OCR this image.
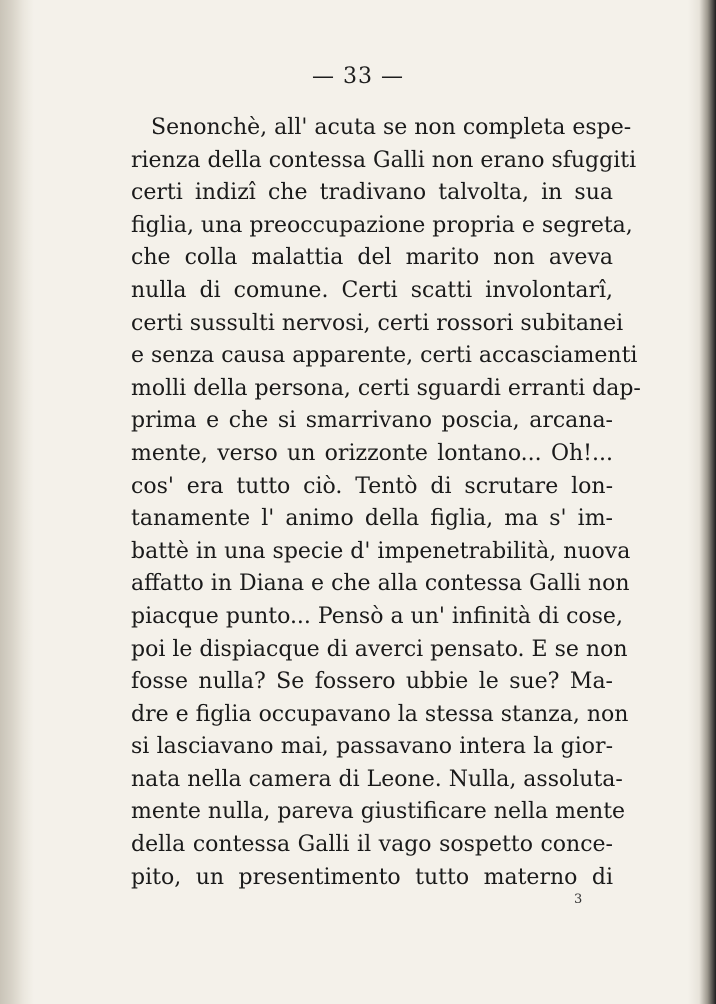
— 33 —
Senonchè, all' acuta se non completa espe-
rienza della contessa Galli non erano sfuggiti
certi indizî che tradivano talvolta, in sua
figlia, una preoccupazione propria e segreta,
che colla malattia del marito non aveva
nulla di comune. Certi scatti involontarî,
certi sussulti nervosi, certi rossori subitanei
e senza causa apparente, certi accasciamenti
molli della persona, certi sguardi erranti dap-
prima e che si smarrivano poscia, arcana-
mente, verso un orizzonte lontano... Oh!...
cos' era tutto ciò. Tentò di scrutare lon-
tanamente l' animo della figlia, ma s' im-
battè in una specie d' impenetrabilità, nuova
affatto in Diana e che alla contessa Galli non
piacque punto... Pensò a un' infinità di cose,
poi le dispiacque di averci pensato. E se non
fosse nulla? Se fossero ubbie le sue? Ma-
dre e figlia occupavano la stessa stanza, non
si lasciavano mai, passavano intera la gior-
nata nella camera di Leone. Nulla, assoluta-
mente nulla, pareva giustificare nella mente
della contessa Galli il vago sospetto conce-
pito, un presentimento tutto materno di
3
